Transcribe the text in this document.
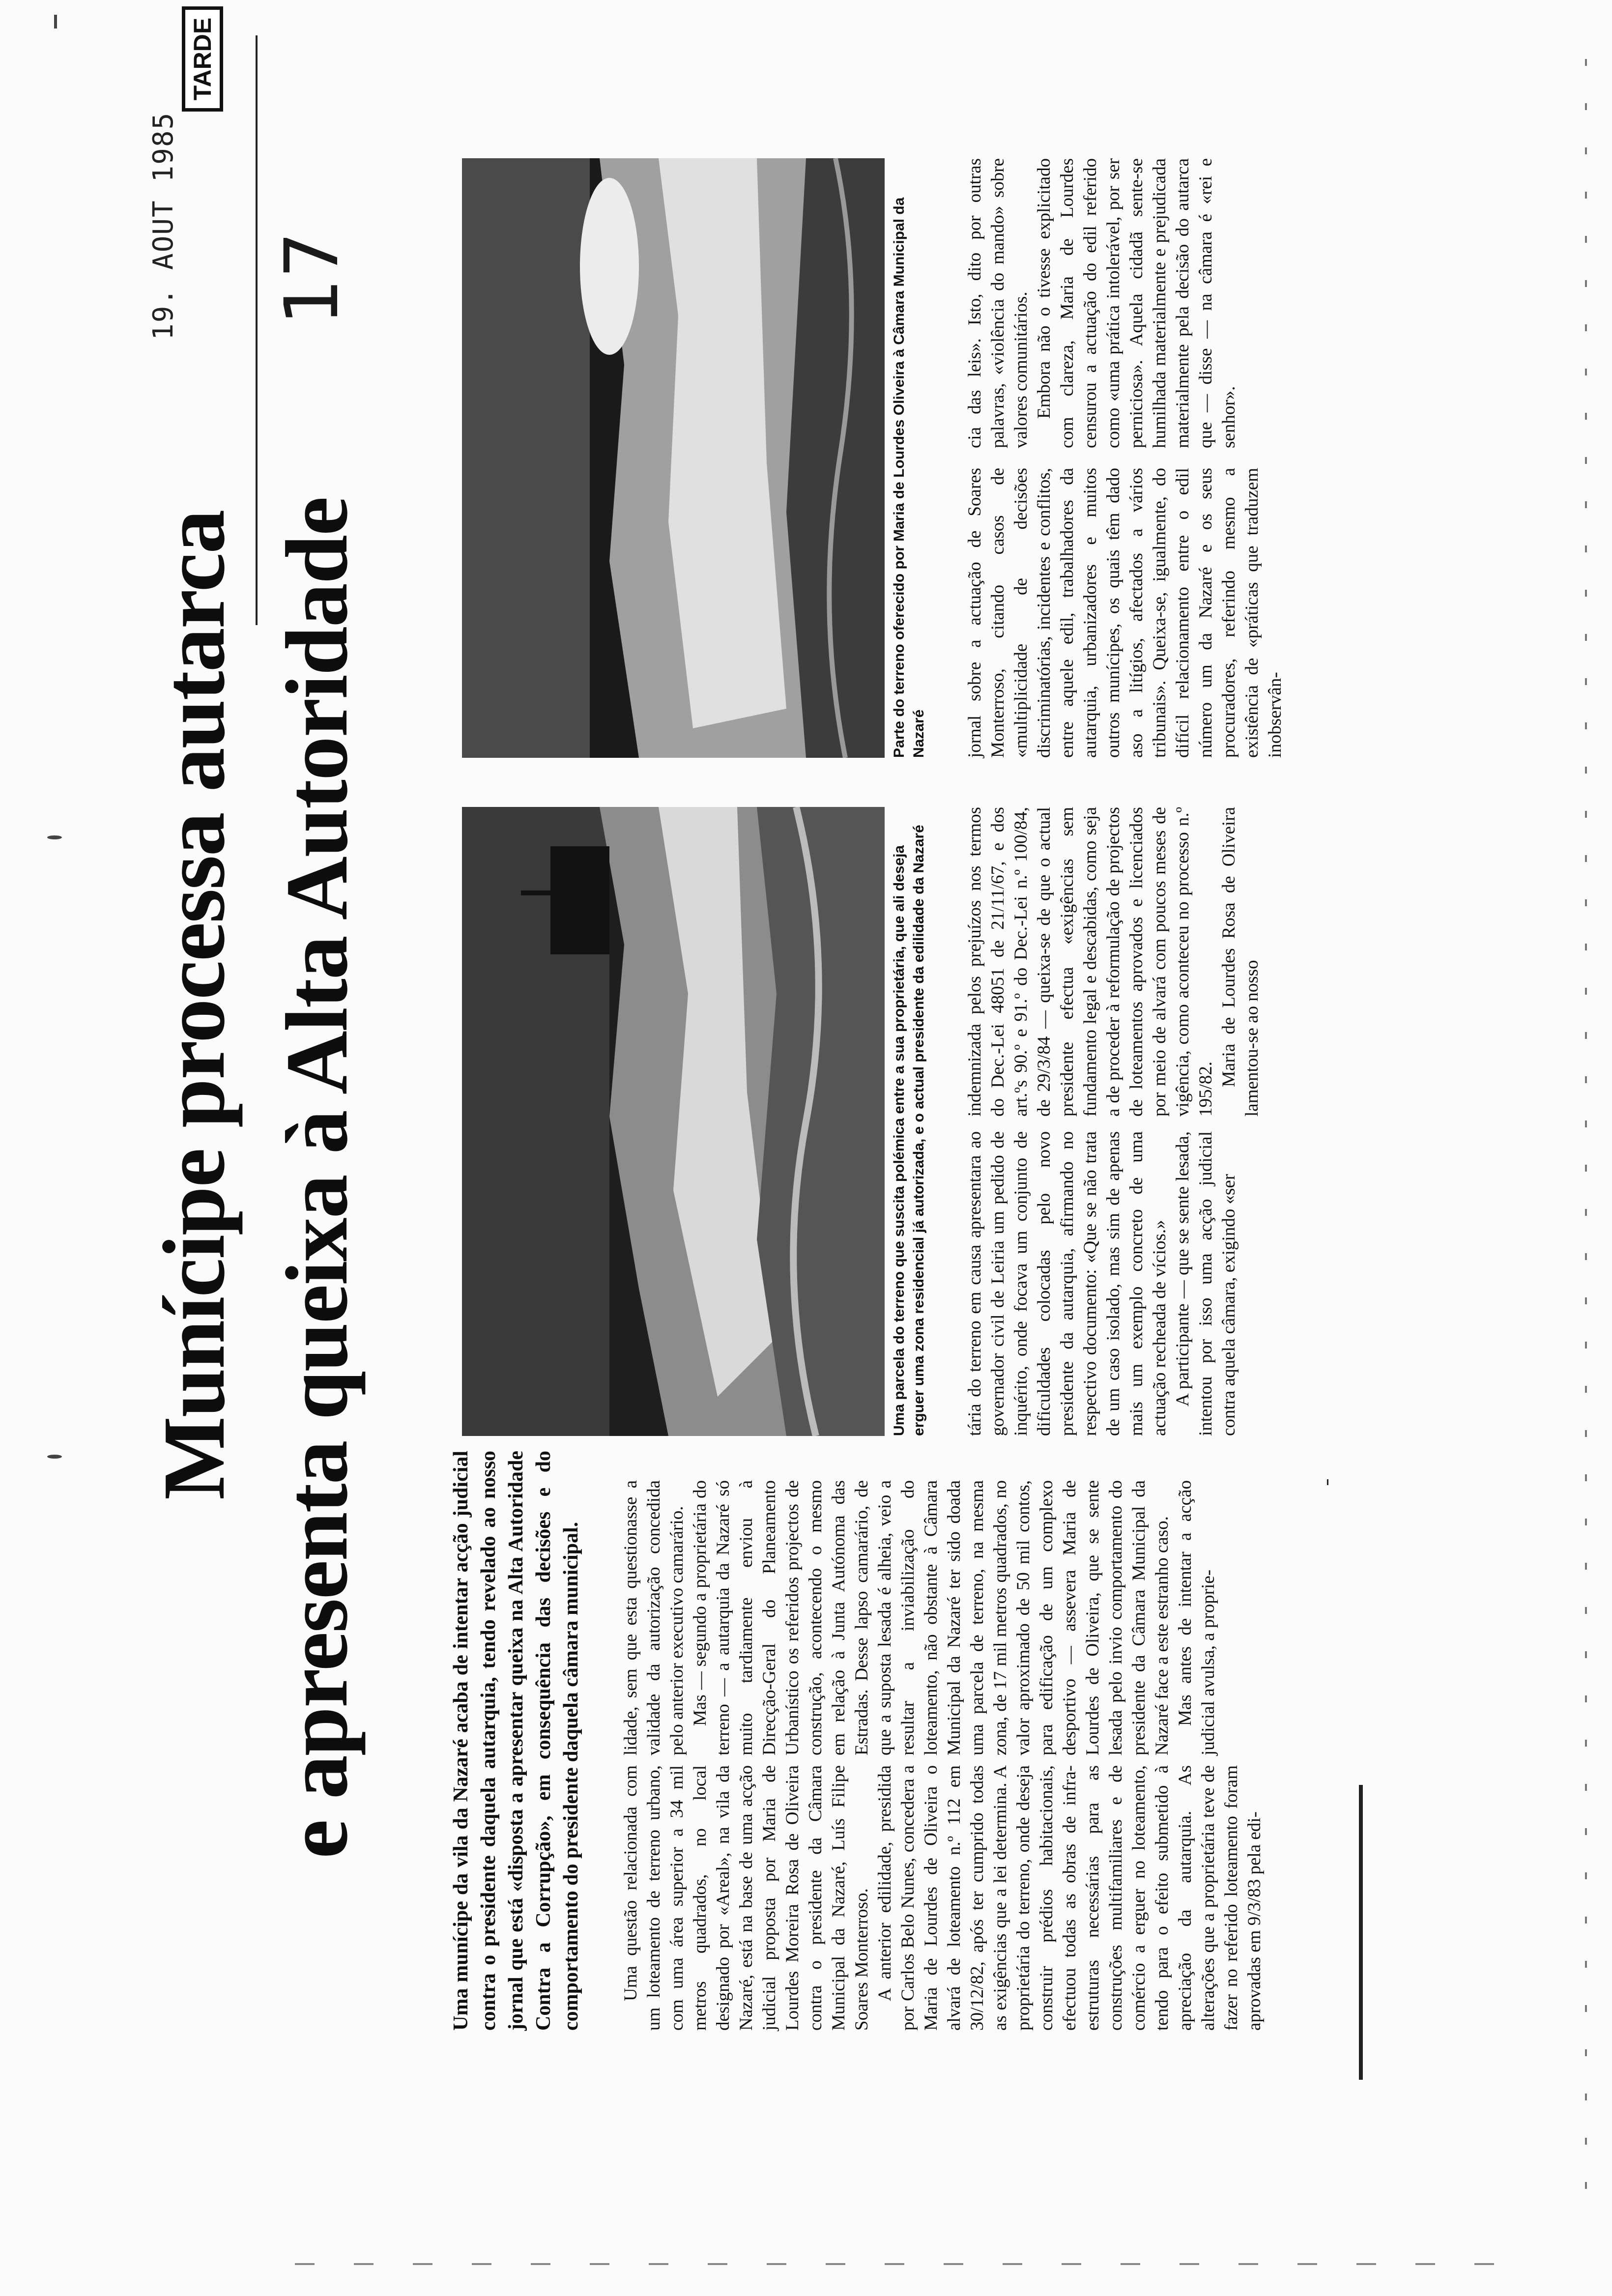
TARDE
19. AOUT 1985 17
Munícipe processa autarca e apresenta queixa à Alta Autoridade	Uma munícipe da vila da Nazaré acaba de intentar acção judicial contra o presidente daquela autarquia, tendo revelado ao nosso jornal que está «disposta a apresentar queixa na Alta Autoridade Contra a Corrupção», em consequência das decisões e do comportamento do presidente daquela câmara municipal. Uma questão relacionada com um loteamento de terreno urbano, com uma área superior a 34 mil metros quadrados, no local designado por «Areal», na vila da Nazaré, está na base de uma acção judicial proposta por Maria de Lourdes Moreira Rosa de Oliveira contra o presidente da Câmara Municipal da Nazaré, Luís Filipe Soares Monterroso. A anterior edilidade, presidida por Carlos Belo Nunes, concedera a Maria de Lourdes de Oliveira o alvará de loteamento n.º 112 em 30/12/82, após ter cumprido todas as exigências que a lei determina. A proprietária do terreno, onde deseja construir prédios habitacionais, efectuou todas as obras de infra-estruturas necessárias para as construções multifamiliares e de comércio a erguer no loteamento, tendo para o efeito submetido à apreciação da autarquia. As alterações que a proprietária teve de fazer no referido loteamento foram aprovadas em 9/3/83 pela edi-

lidade, sem que esta questionasse a validade da autorização concedida pelo anterior executivo camarário. Mas — segundo a proprietária do terreno — a autarquia da Nazaré só muito tardiamente enviou à Direcção-Geral do Planeamento Urbanístico os referidos projectos de construção, acontecendo o mesmo em relação à Junta Autónoma das Estradas. Desse lapso camarário, de que a suposta lesada é alheia, veio a resultar a inviabilização do loteamento, não obstante à Câmara Municipal da Nazaré ter sido doada uma parcela de terreno, na mesma zona, de 17 mil metros quadrados, no valor aproximado de 50 mil contos, para edificação de um complexo desportivo — assevera Maria de Lourdes de Oliveira, que se sente lesada pelo invio comportamento do presidente da Câmara Municipal da Nazaré face a este estranho caso. Mas antes de intentar a acção judicial avulsa, a proprie-

Uma parcela do terreno que suscita polémica entre a sua proprietária, que ali deseja erguer uma zona residencial já autorizada, e o actual presidente da edilidade da Nazaré
Parte do terreno oferecido por Maria de Lourdes Oliveira à Câmara Municipal da Nazaré

tária do terreno em causa apresentara ao governador civil de Leiria um pedido de inquérito, onde focava um conjunto de dificuldades colocadas pelo novo presidente da autarquia, afirmando no respectivo documento: «Que se não trata de um caso isolado, mas sim de apenas mais um exemplo concreto de uma actuação recheada de vícios.» A participante — que se sente lesada, intentou por isso uma acção judicial contra aquela câmara, exigindo «ser

indemnizada pelos prejuízos nos termos do Dec.-Lei 48051 de 21/11/67, e dos art.ºs 90.º e 91.º do Dec.-Lei n.º 100/84, de 29/3/84 — queixa-se de que o actual presidente efectua «exigências sem fundamento legal e descabidas, como seja a de proceder à reformulação de projectos de loteamentos aprovados e licenciados por meio de alvará com poucos meses de vigência, como aconteceu no processo n.º 195/82.

Maria de Lourdes Rosa de Oliveira lamentou-se ao nosso

jornal sobre a actuação de Soares Monterroso, citando casos de «multiplicidade de decisões discriminatórias, incidentes e conflitos, entre aquele edil, trabalhadores da autarquia, urbanizadores e muitos outros munícipes, os quais têm dado aso a litígios, afectados a vários tribunais». Queixa-se, igualmente, do difícil relacionamento entre o edil número um da Nazaré e os seus procuradores, referindo mesmo a existência de «práticas que traduzem inobservân-

cia das leis». Isto, dito por outras palavras, «violência do mando» sobre valores comunitários. Embora não o tivesse explicitado com clareza, Maria de Lourdes censurou a actuação do edil referido como «uma prática intolerável, por ser perniciosa». Aquela cidadã sente-se humilhada materialmente e prejudicada materialmente pela decisão do autarca que — disse — na câmara é «rei e senhor».
